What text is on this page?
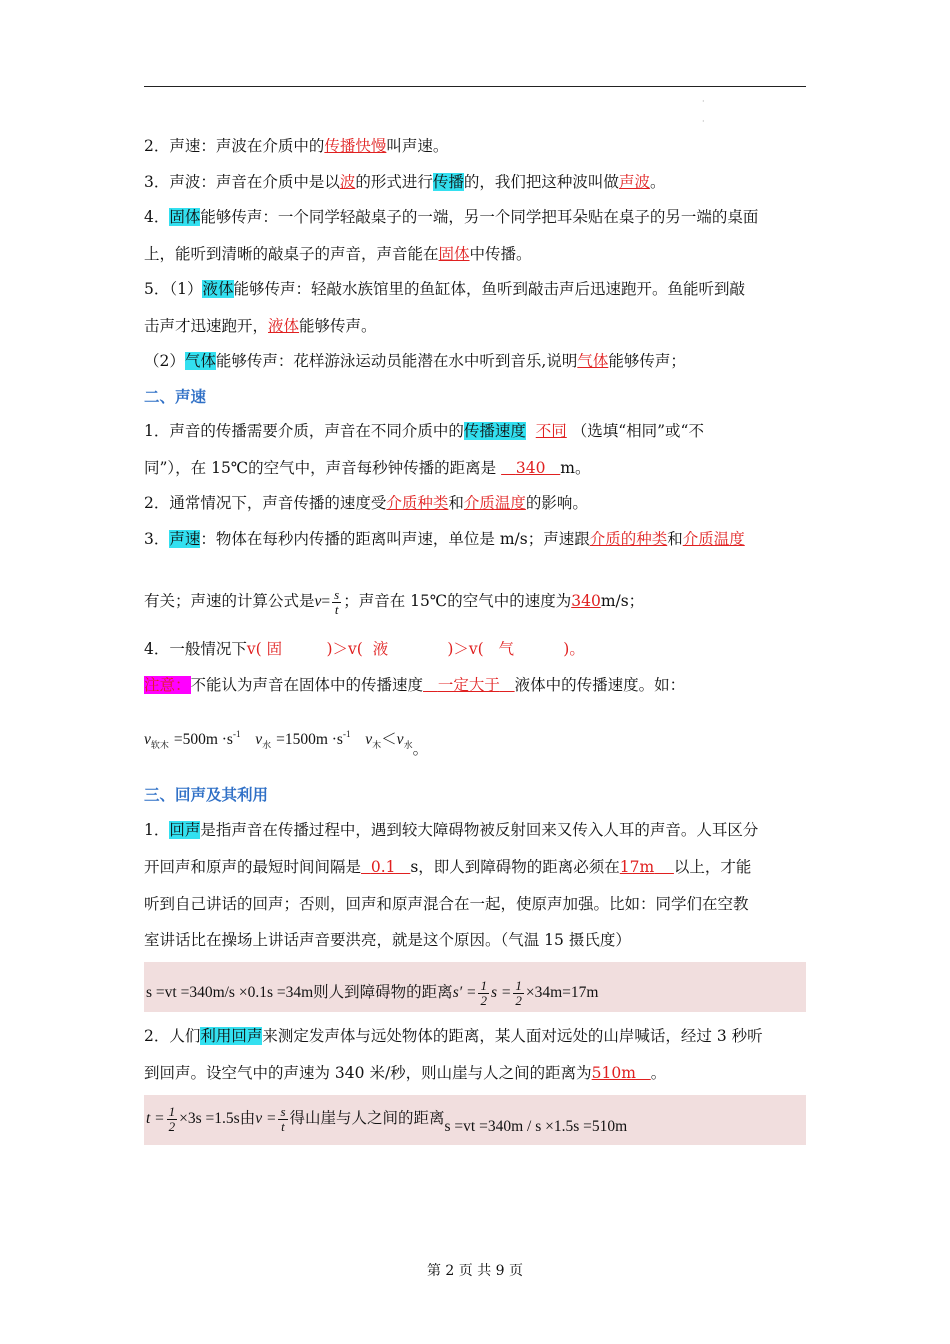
·
·
2．声速：声波在介质中的传播快慢叫声速。
3．声波：声音在介质中是以波的形式进行传播的，我们把这种波叫做声波。
4．固体能够传声：一个同学轻敲桌子的一端，另一个同学把耳朵贴在桌子的另一端的桌面
上，能听到清晰的敲桌子的声音，声音能在固体中传播。
5．（1）液体能够传声：轻敲水族馆里的鱼缸体，鱼听到敲击声后迅速跑开。鱼能听到敲
击声才迅速跑开，液体能够传声。
（2）气体能够传声：花样游泳运动员能潜在水中听到音乐,说明气体能够传声；
二、声速
1．声音的传播需要介质，声音在不同介质中的传播速度 不同 （选填“相同”或“不
同”），在 15℃的空气中，声音每秒钟传播的距离是 340 m。
2．通常情况下，声音传播的速度受介质种类和介质温度的影响。
3．声速：物体在每秒内传播的距离叫声速，单位是 m/s；声速跟介质的种类和介质温度
有关；声速的计算公式是$v= \frac{s}{t}$ ；声音在 15℃的空气中的速度为340m/s；
4．一般情况下v( 固	)＞v( 液	)＞v( 气	)。
注意：不能认为声音在固体中的传播速度 一定大于 液体中的传播速度。如：
$v_{软木} =500m \cdot s^{-1}$ $v_水 =1500m \cdot s^{-1}$ $v_木<v_水$。
三、回声及其利用
1．回声是指声音在传播过程中，遇到较大障碍物被反射回来又传入人耳的声音。人耳区分
开回声和原声的最短时间间隔是 0.1 s，即人到障碍物的距离必须在17m 以上，才能
听到自己讲话的回声；否则，回声和原声混合在一起，使原声加强。比如：同学们在空教
室讲话比在操场上讲话声音要洪亮，就是这个原因。（气温 15 摄氏度）
s =vt =340m/s ×0.1s =34m则人到障碍物的距离$s' = \frac{1}{2}$ $s = \frac{1}{2} \times 34m=17m$
2．人们利用回声来测定发声体与远处物体的距离，某人面对远处的山岸喊话，经过 3 秒听
到回声。设空气中的声速为 340 米/秒，则山崖与人之间的距离为510m 。
$t = \frac{1}{2} \times 3s =1.5s$由$v = \frac{s}{t}$ 得山崖与人之间的距离s =vt =340m / s ×1.5s =510m
第 2 页 共 9 页
